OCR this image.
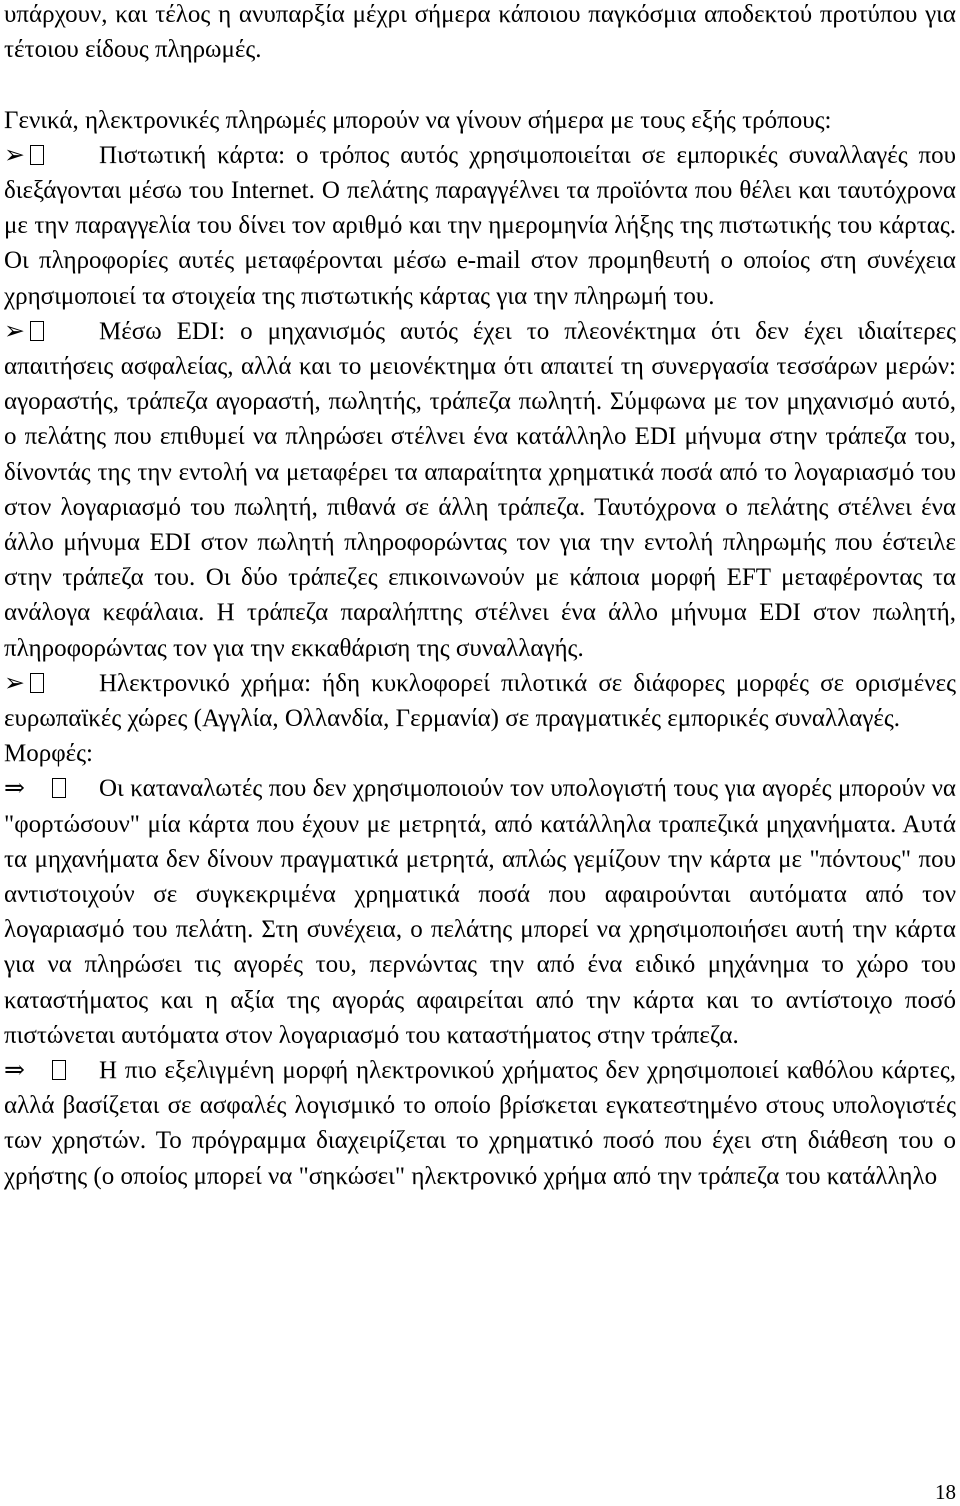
υπάρχουν, και τέλος η ανυπαρξία μέχρι σήμερα κάποιου παγκόσμια αποδεκτού προτύπου για τέτοιου είδους πληρωμές.

Γενικά, ηλεκτρονικές πληρωμές μπορούν να γίνουν σήμερα με τους εξής τρόπους:

➢	Πιστωτική κάρτα: ο τρόπος αυτός χρησιμοποιείται σε εμπορικές συναλλαγές που διεξάγονται μέσω του Internet. Ο πελάτης παραγγέλνει τα προϊόντα που θέλει και ταυτόχρονα με την παραγγελία του δίνει τον αριθμό και την ημερομηνία λήξης της πιστωτικής του κάρτας. Οι πληροφορίες αυτές μεταφέρονται μέσω e-mail στον προμηθευτή ο οποίος στη συνέχεια χρησιμοποιεί τα στοιχεία της πιστωτικής κάρτας για την πληρωμή του.

➢	Μέσω EDI: ο μηχανισμός αυτός έχει το πλεονέκτημα ότι δεν έχει ιδιαίτερες απαιτήσεις ασφαλείας, αλλά και το μειονέκτημα ότι απαιτεί τη συνεργασία τεσσάρων μερών: αγοραστής, τράπεζα αγοραστή, πωλητής, τράπεζα πωλητή. Σύμφωνα με τον μηχανισμό αυτό, ο πελάτης που επιθυμεί να πληρώσει στέλνει ένα κατάλληλο EDI μήνυμα στην τράπεζα του, δίνοντάς της την εντολή να μεταφέρει τα απαραίτητα χρηματικά ποσά από το λογαριασμό του στον λογαριασμό του πωλητή, πιθανά σε άλλη τράπεζα. Ταυτόχρονα ο πελάτης στέλνει ένα άλλο μήνυμα EDI στον πωλητή πληροφορώντας τον για την εντολή πληρωμής που έστειλε στην τράπεζα του. Οι δύο τράπεζες επικοινωνούν με κάποια μορφή EFT μεταφέροντας τα ανάλογα κεφάλαια. Η τράπεζα παραλήπτης στέλνει ένα άλλο μήνυμα EDI στον πωλητή, πληροφορώντας τον για την εκκαθάριση της συναλλαγής.

➢	Ηλεκτρονικό χρήμα: ήδη κυκλοφορεί πιλοτικά σε διάφορες μορφές σε ορισμένες ευρωπαϊκές χώρες (Αγγλία, Ολλανδία, Γερμανία) σε πραγματικές εμπορικές συναλλαγές.

Μορφές:

⇒	Οι καταναλωτές που δεν χρησιμοποιούν τον υπολογιστή τους για αγορές μπορούν να "φορτώσουν" μία κάρτα που έχουν με μετρητά, από κατάλληλα τραπεζικά μηχανήματα. Αυτά τα μηχανήματα δεν δίνουν πραγματικά μετρητά, απλώς γεμίζουν την κάρτα με "πόντους" που αντιστοιχούν σε συγκεκριμένα χρηματικά ποσά που αφαιρούνται αυτόματα από τον λογαριασμό του πελάτη. Στη συνέχεια, ο πελάτης μπορεί να χρησιμοποιήσει αυτή την κάρτα για να πληρώσει τις αγορές του, περνώντας την από ένα ειδικό μηχάνημα το χώρο του καταστήματος και η αξία της αγοράς αφαιρείται από την κάρτα και το αντίστοιχο ποσό πιστώνεται αυτόματα στον λογαριασμό του καταστήματος στην τράπεζα.

⇒	Η πιο εξελιγμένη μορφή ηλεκτρονικού χρήματος δεν χρησιμοποιεί καθόλου κάρτες, αλλά βασίζεται σε ασφαλές λογισμικό το οποίο βρίσκεται εγκατεστημένο στους υπολογιστές των χρηστών. Το πρόγραμμα διαχειρίζεται το χρηματικό ποσό που έχει στη διάθεση του ο χρήστης (ο οποίος μπορεί να "σηκώσει" ηλεκτρονικό χρήμα από την τράπεζα του κατάλληλο

18
